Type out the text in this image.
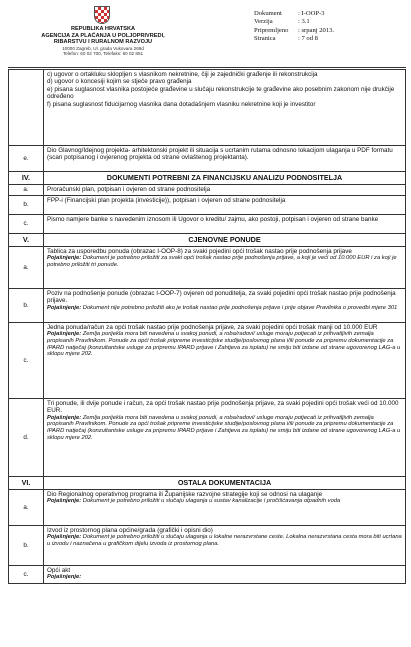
REPUBLIKA HRVATSKA
AGENCIJA ZA PLAĆANJA U POLJOPRIVREDI,
RIBARSTVU I RURALNOM RAZVOJU
10000 Zagreb, Ul. grada Vukovara 269d
Telefon: 60 02 700, Telefaks: 60 02 851
Dokument	: I-OOP-3
Verzija	: 3.1
Pripremljeno	: srpanj 2013.
Stranica	: 7 od 8

	c) ugovor o ortakluku sklopljen s vlasnikom nekretnine, čiji je zajednički građenje ili rekonstrukcija
d) ugovor o koncesiji kojim se stječe pravo građenja
e) pisana suglasnost vlasnika postojeće građevine u slučaju rekonstrukcije te građevine ako posebnim zakonom nije drukčije određeno
f) pisana suglasnost fiducijarnog vlasnika dana dotadašnjem vlasniku nekretnine koji je investitor

e.	Dio Glavnog/Idejnog projekta- arhitektonski projekt ili situacija s ucrtanim rutama odnosno lokacijom ulaganja u PDF formatu (scan potpisanog i ovjerenog projekta od strane ovlaštenog projektanta).
IV.	DOKUMENTI POTREBNI ZA FINANCIJSKU ANALIZU PODNOSITELJA
a.	Proračunski plan, potpisan i ovjeren od strane podnositelja
b.	FPP-i (Financijski plan projekta (investicije)), potpisan i ovjeren od strane podnositelja
c.	Pismo namjere banke s navedenim iznosom ili Ugovor o kreditu/ zajmu, ako postoji, potpisan i ovjeren od strane banke
V.	CJENOVNE PONUDE
a.	Tablica za usporedbu ponuda (obrazac I-OOP-8) za svaki pojedini opći trošak nastao prije podnošenja prijave
Pojašnjenje: Dokument je potrebno priložiti za svaki opći trošak nastao prije podnošenja prijave, a koji je veći od 10.000 EUR i za koji je potrebno priložiti tri ponude.

b.	Poziv na podnošenje ponude (obrazac I-OOP-7) ovjeren od ponuditelja, za svaki pojedini opći trošak nastao prije podnošenja prijave.
Pojašnjenje: Dokument nije potrebno priložiti ako je trošak nastao prije podnošenja prijave i prije objave Pravilnika o provedbi mjere 301

c.	Jedna ponuda/račun za opći trošak nastao prije podnošenja prijave, za svaki pojedini opći trošak manji od 10.000 EUR
Pojašnjenje: Zemlja porijekla mora biti navedena u svakoj ponudi, a roba/radovi/ usluge moraju potjecati iz prihvatljivih zemalja propisanih Pravilnikom. Ponude za opći trošak pripreme investicijske studije/poslovnog plana i/ili ponude za pripremu dokumentacije za IPARD natječaj (konzultantske usluge za pripremu IPARD prijave i Zahtjeva za isplatu) ne smiju biti izdane od strane ugovorenog LAG-a u sklopu mjere 202.

d.	Tri ponude, ili dvije ponude i račun, za opći trošak nastao prije podnošenja prijave, za svaki pojedini opći trošak veći od 10.000 EUR.
Pojašnjenje: Zemlja porijekla mora biti navedena u svakoj ponudi, a roba/radovi/ usluge moraju potjecati iz prihvatljivih zemalja propisanih Pravilnikom. Ponude za opći trošak pripreme investicijske studije/poslovnog plana i/ili ponude za pripremu dokumentacije za IPARD natječaj (konzultantske usluge za pripremu IPARD prijave i Zahtjeva za isplatu) ne smiju biti izdane od strane ugovorenog LAG-a u sklopu mjere 202.

VI.	OSTALA DOKUMENTACIJA
a.	Dio Regionalnog operativnog programa ili Županijske razvojne strategije koji se odnosi na ulaganje
Pojašnjenje: Dokument je potrebno priložiti u slučaju ulaganja u sustav kanalizacije i pročišćavanja otpadnih voda

b.	Izvod iz prostornog plana općine/grada (grafički i opisni dio)
Pojašnjenje: Dokument je potrebno priložiti u slučaju ulaganja u lokalne nerazvrstane ceste. Lokalna nerazvrstana cesta mora biti ucrtana u izvodu i naznačena u grafičkom dijelu izvoda iz prostornog plana.

c.	Opći akt
Pojašnjenje:
